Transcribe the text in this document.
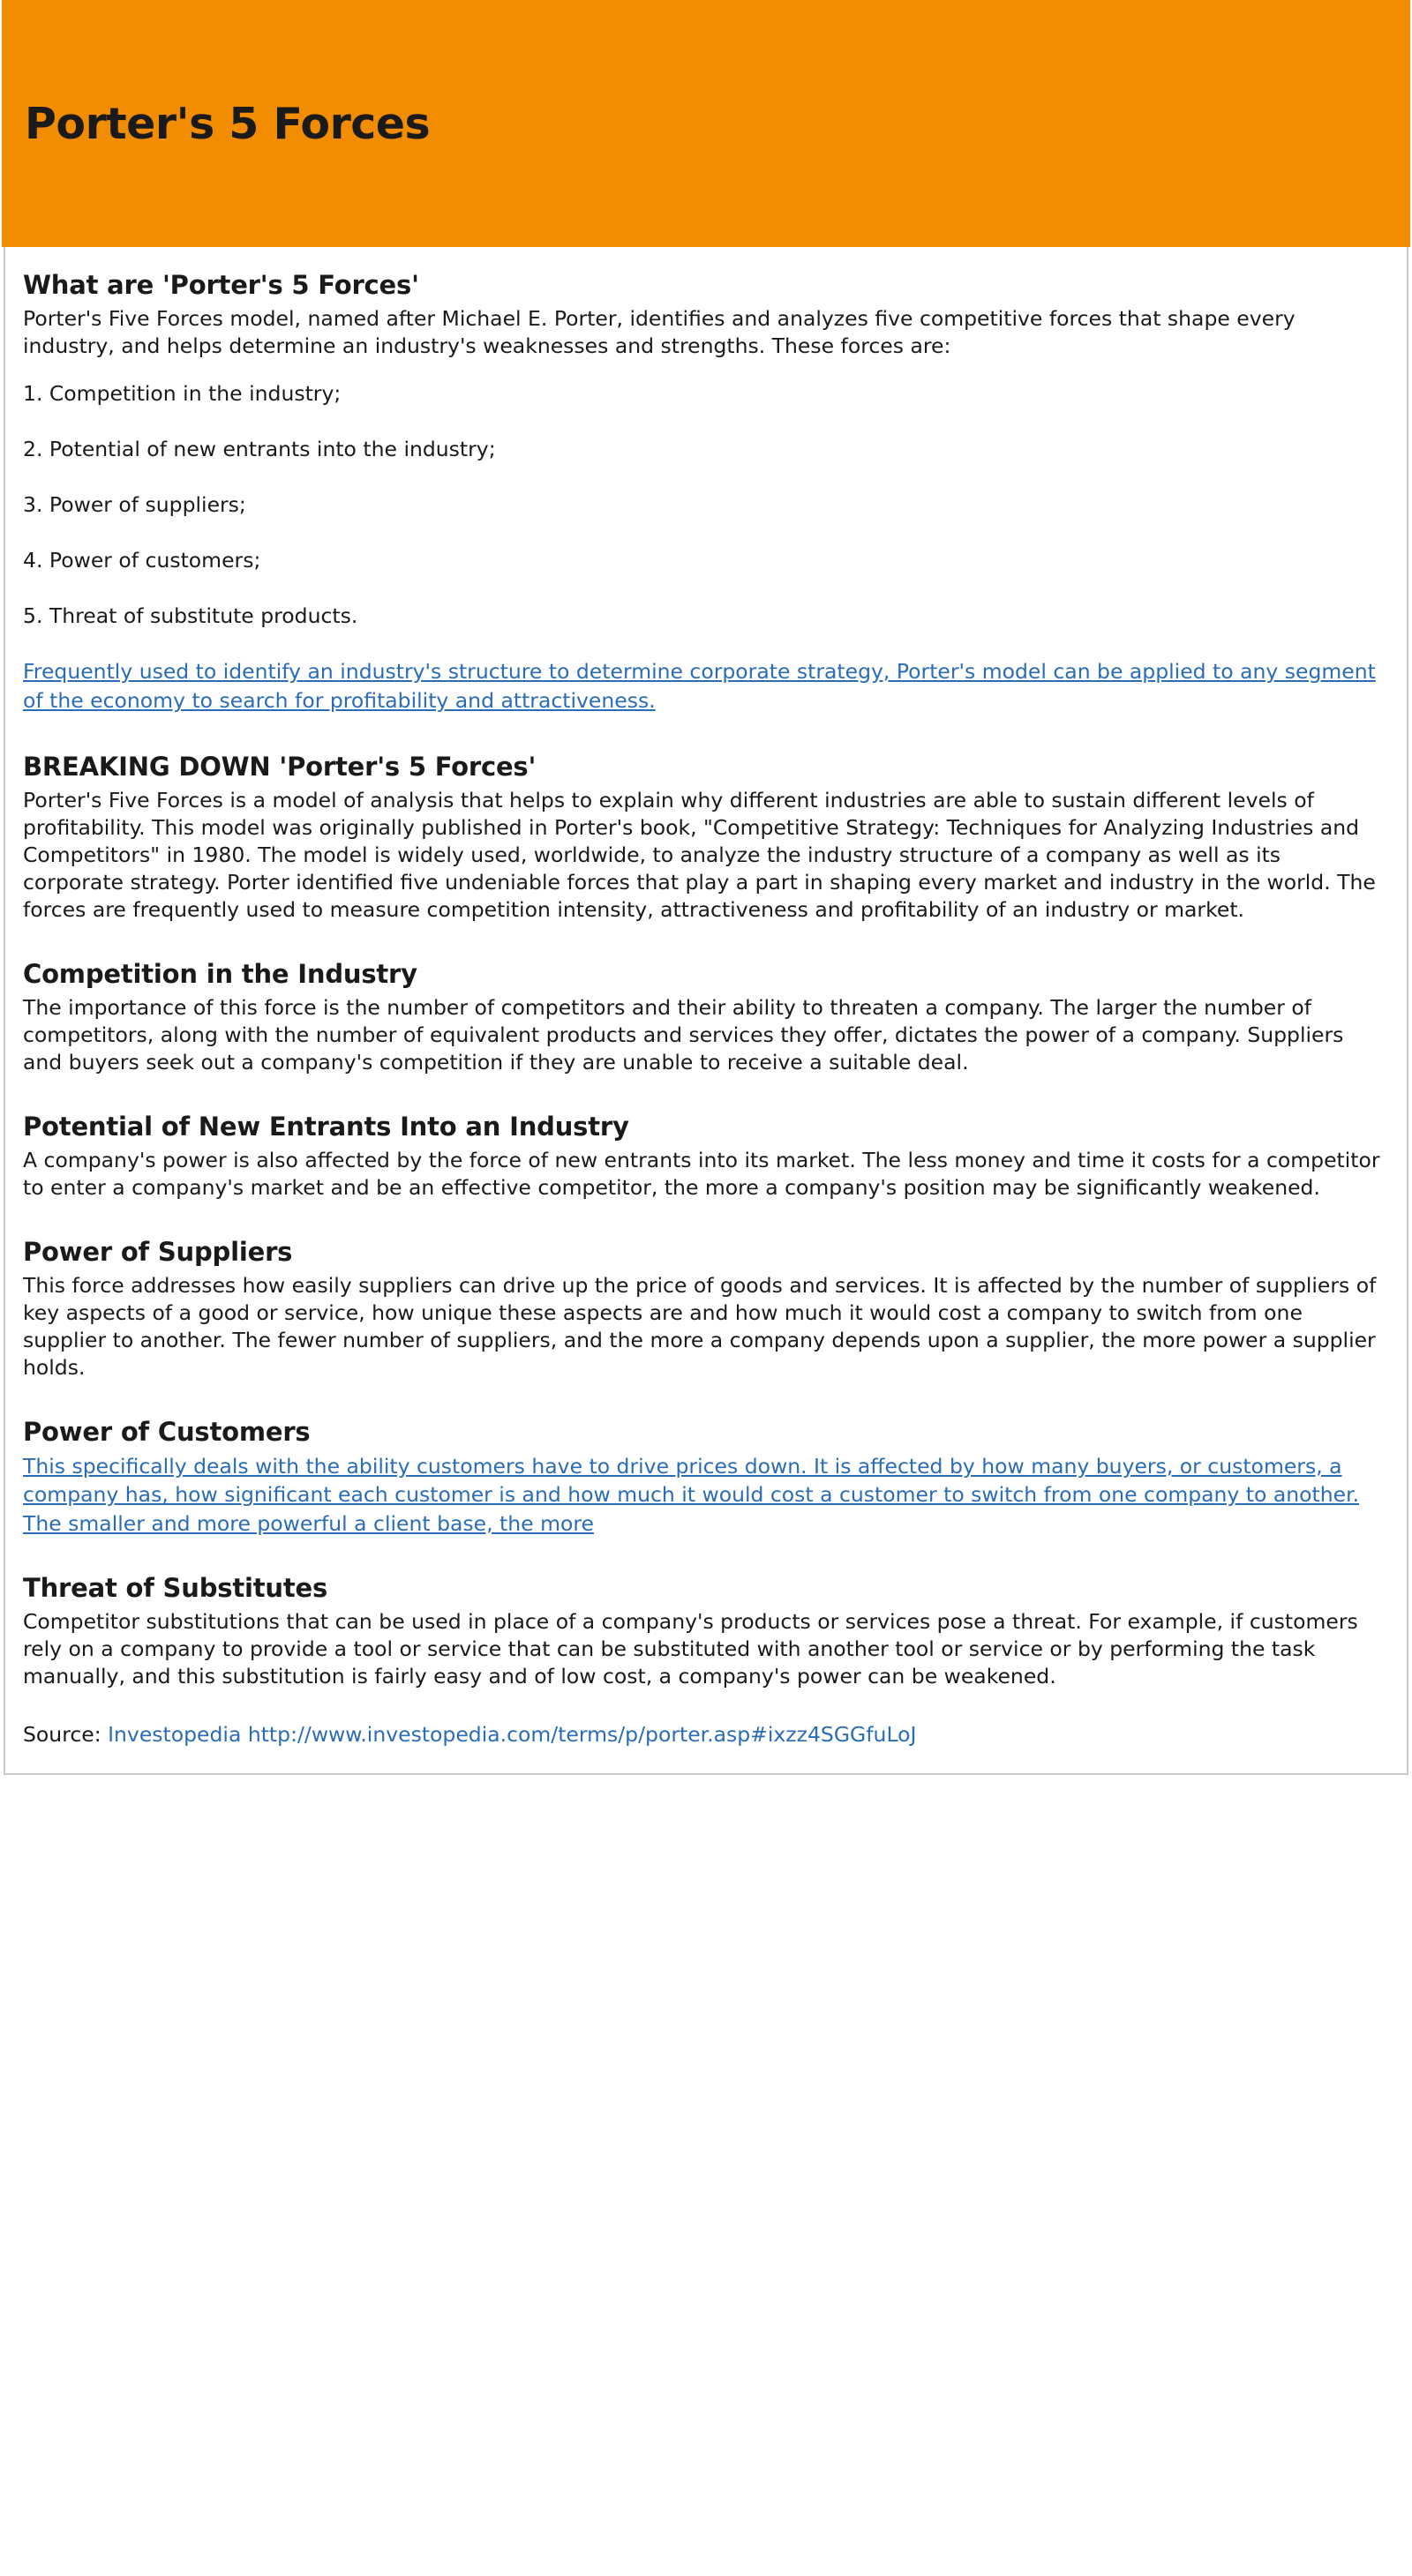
Porter's 5 Forces
What are 'Porter's 5 Forces'

Porter's Five Forces model, named after Michael E. Porter, identifies and analyzes five competitive forces that shape every industry, and helps determine an industry's weaknesses and strengths. These forces are:

1. Competition in the industry;

2. Potential of new entrants into the industry;

3. Power of suppliers;

4. Power of customers;

5. Threat of substitute products.

Frequently used to identify an industry's structure to determine corporate strategy, Porter's model can be applied to any segment of the economy to search for profitability and attractiveness.

BREAKING DOWN 'Porter's 5 Forces'

Porter's Five Forces is a model of analysis that helps to explain why different industries are able to sustain different levels of profitability. This model was originally published in Porter's book, "Competitive Strategy: Techniques for Analyzing Industries and Competitors" in 1980. The model is widely used, worldwide, to analyze the industry structure of a company as well as its corporate strategy. Porter identified five undeniable forces that play a part in shaping every market and industry in the world. The forces are frequently used to measure competition intensity, attractiveness and profitability of an industry or market.

Competition in the Industry

The importance of this force is the number of competitors and their ability to threaten a company. The larger the number of competitors, along with the number of equivalent products and services they offer, dictates the power of a company. Suppliers and buyers seek out a company's competition if they are unable to receive a suitable deal.

Potential of New Entrants Into an Industry

A company's power is also affected by the force of new entrants into its market. The less money and time it costs for a competitor to enter a company's market and be an effective competitor, the more a company's position may be significantly weakened.

Power of Suppliers

This force addresses how easily suppliers can drive up the price of goods and services. It is affected by the number of suppliers of key aspects of a good or service, how unique these aspects are and how much it would cost a company to switch from one supplier to another. The fewer number of suppliers, and the more a company depends upon a supplier, the more power a supplier holds.

Power of Customers

This specifically deals with the ability customers have to drive prices down. It is affected by how many buyers, or customers, a company has, how significant each customer is and how much it would cost a customer to switch from one company to another. The smaller and more powerful a client base, the more

Threat of Substitutes

Competitor substitutions that can be used in place of a company's products or services pose a threat. For example, if customers rely on a company to provide a tool or service that can be substituted with another tool or service or by performing the task manually, and this substitution is fairly easy and of low cost, a company's power can be weakened.

Source: Investopedia http://www.investopedia.com/terms/p/porter.asp#ixzz4SGGfuLoJ
